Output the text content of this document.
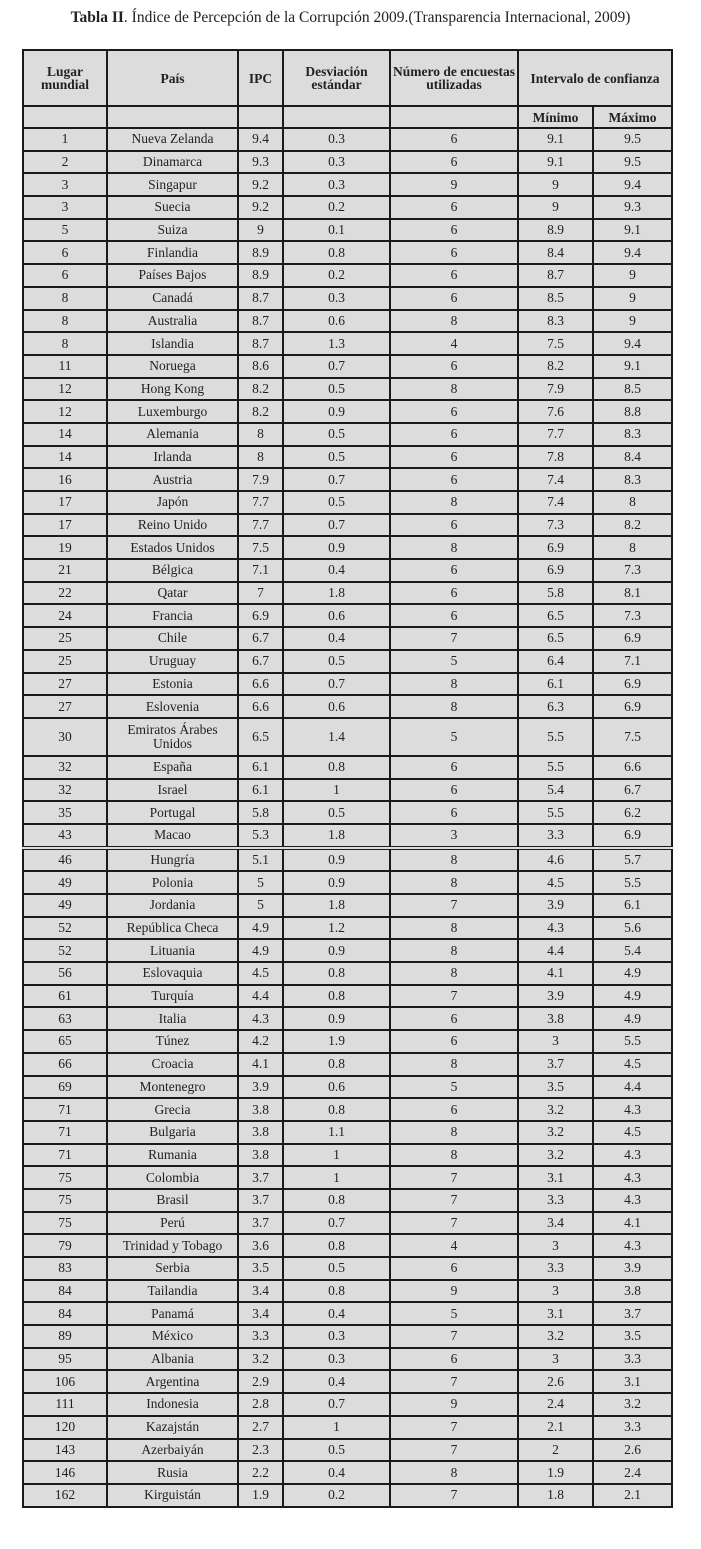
Tabla II. Índice de Percepción de la Corrupción 2009.(Transparencia Internacional, 2009)
Lugar mundial	País	IPC	Desviación estándar	Número de encuestas utilizadas	Intervalo de confianza	
					Mínimo	Máximo
1	Nueva Zelanda	9.4	0.3	6	9.1	9.5
2	Dinamarca	9.3	0.3	6	9.1	9.5
3	Singapur	9.2	0.3	9	9	9.4
3	Suecia	9.2	0.2	6	9	9.3
5	Suiza	9	0.1	6	8.9	9.1
6	Finlandia	8.9	0.8	6	8.4	9.4
6	Países Bajos	8.9	0.2	6	8.7	9
8	Canadá	8.7	0.3	6	8.5	9
8	Australia	8.7	0.6	8	8.3	9
8	Islandia	8.7	1.3	4	7.5	9.4
11	Noruega	8.6	0.7	6	8.2	9.1
12	Hong Kong	8.2	0.5	8	7.9	8.5
12	Luxemburgo	8.2	0.9	6	7.6	8.8
14	Alemania	8	0.5	6	7.7	8.3
14	Irlanda	8	0.5	6	7.8	8.4
16	Austria	7.9	0.7	6	7.4	8.3
17	Japón	7.7	0.5	8	7.4	8
17	Reino Unido	7.7	0.7	6	7.3	8.2
19	Estados Unidos	7.5	0.9	8	6.9	8
21	Bélgica	7.1	0.4	6	6.9	7.3
22	Qatar	7	1.8	6	5.8	8.1
24	Francia	6.9	0.6	6	6.5	7.3
25	Chile	6.7	0.4	7	6.5	6.9
25	Uruguay	6.7	0.5	5	6.4	7.1
27	Estonia	6.6	0.7	8	6.1	6.9
27	Eslovenia	6.6	0.6	8	6.3	6.9
30	Emiratos Árabes Unidos	6.5	1.4	5	5.5	7.5
32	España	6.1	0.8	6	5.5	6.6
32	Israel	6.1	1	6	5.4	6.7
35	Portugal	5.8	0.5	6	5.5	6.2
43	Macao	5.3	1.8	3	3.3	6.9
46	Hungría	5.1	0.9	8	4.6	5.7
49	Polonia	5	0.9	8	4.5	5.5
49	Jordania	5	1.8	7	3.9	6.1
52	República Checa	4.9	1.2	8	4.3	5.6
52	Lituania	4.9	0.9	8	4.4	5.4
56	Eslovaquia	4.5	0.8	8	4.1	4.9
61	Turquía	4.4	0.8	7	3.9	4.9
63	Italia	4.3	0.9	6	3.8	4.9
65	Túnez	4.2	1.9	6	3	5.5
66	Croacia	4.1	0.8	8	3.7	4.5
69	Montenegro	3.9	0.6	5	3.5	4.4
71	Grecia	3.8	0.8	6	3.2	4.3
71	Bulgaria	3.8	1.1	8	3.2	4.5
71	Rumania	3.8	1	8	3.2	4.3
75	Colombia	3.7	1	7	3.1	4.3
75	Brasil	3.7	0.8	7	3.3	4.3
75	Perú	3.7	0.7	7	3.4	4.1
79	Trinidad y Tobago	3.6	0.8	4	3	4.3
83	Serbia	3.5	0.5	6	3.3	3.9
84	Tailandia	3.4	0.8	9	3	3.8
84	Panamá	3.4	0.4	5	3.1	3.7
89	México	3.3	0.3	7	3.2	3.5
95	Albania	3.2	0.3	6	3	3.3
106	Argentina	2.9	0.4	7	2.6	3.1
111	Indonesia	2.8	0.7	9	2.4	3.2
120	Kazajstán	2.7	1	7	2.1	3.3
143	Azerbaiyán	2.3	0.5	7	2	2.6
146	Rusia	2.2	0.4	8	1.9	2.4
162	Kirguistán	1.9	0.2	7	1.8	2.1
